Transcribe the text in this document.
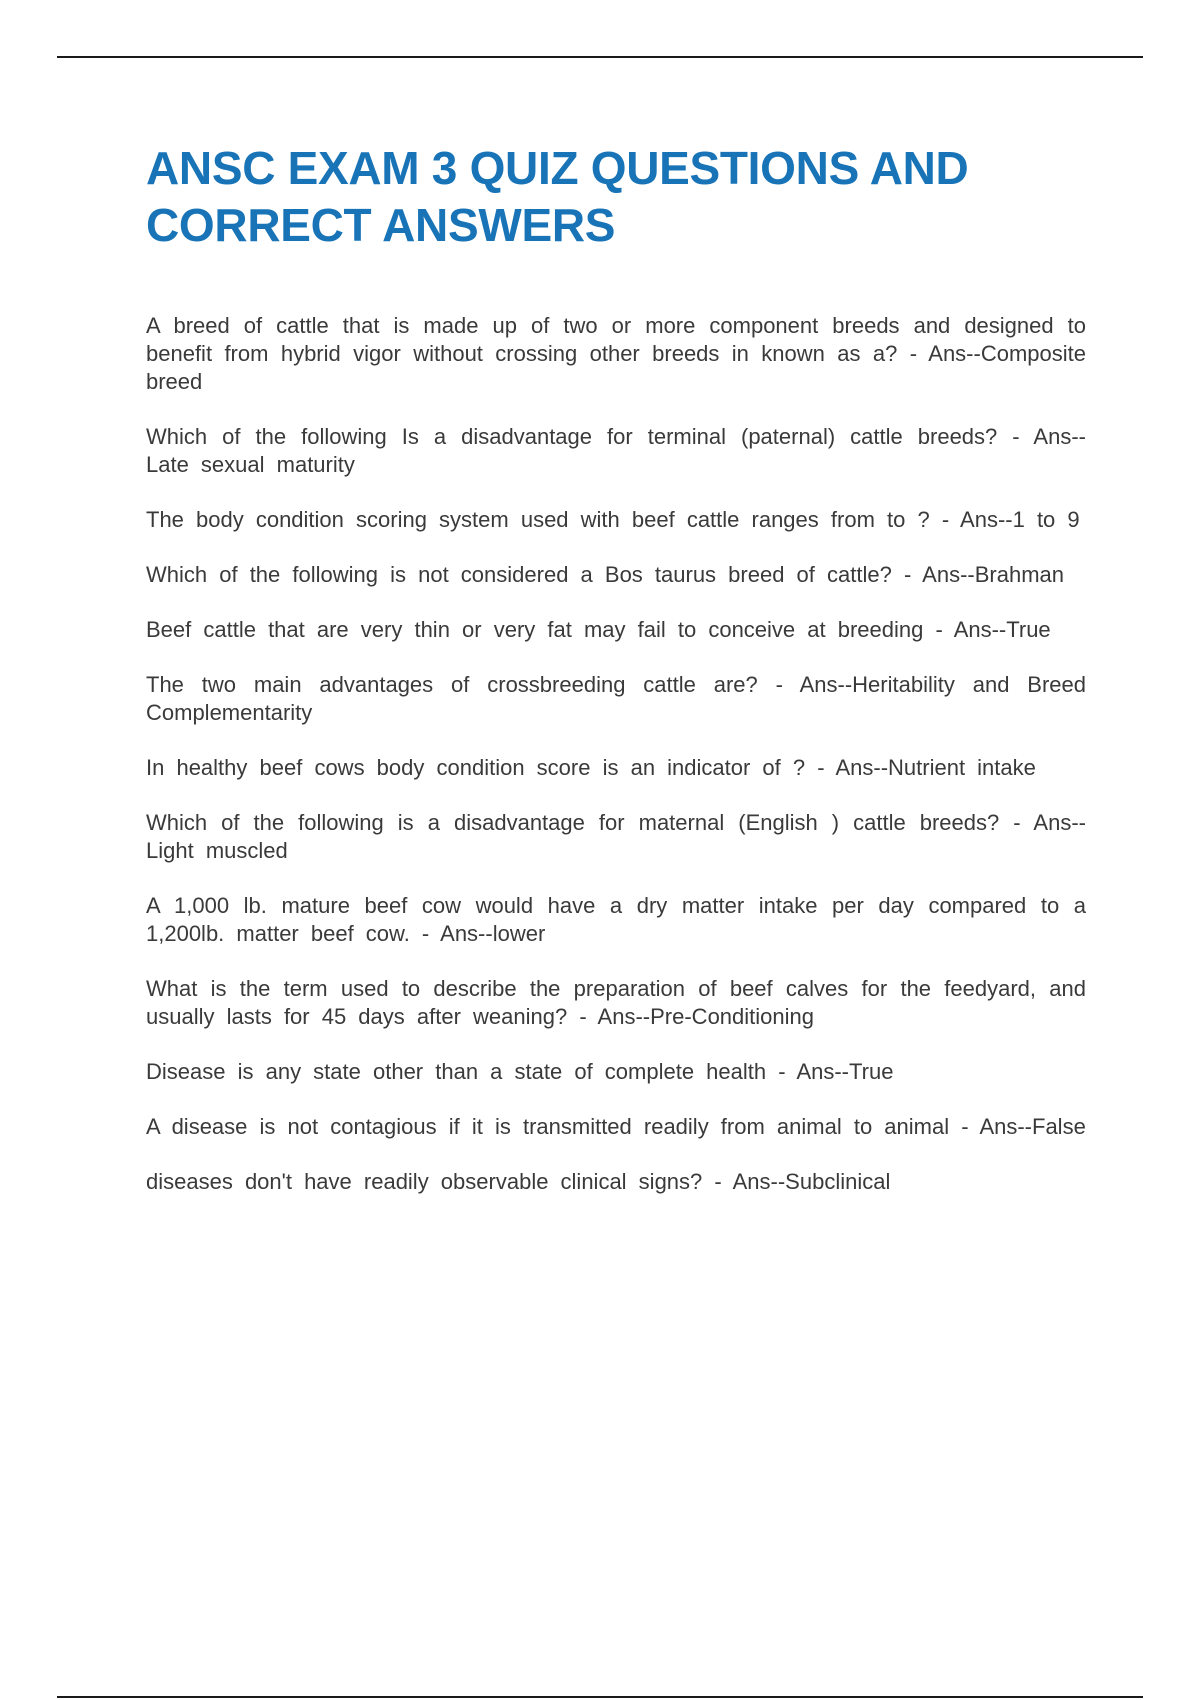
ANSC EXAM 3 QUIZ QUESTIONS AND
CORRECT ANSWERS
A breed of cattle that is made up of two or more component breeds and designed to benefit from hybrid vigor without crossing other breeds in known as a? - Ans--Composite breed
Which of the following Is a disadvantage for terminal (paternal) cattle breeds? - Ans--Late sexual maturity
The body condition scoring system used with beef cattle ranges from to ? - Ans--1 to 9
Which of the following is not considered a Bos taurus breed of cattle? - Ans--Brahman
Beef cattle that are very thin or very fat may fail to conceive at breeding - Ans--True
The two main advantages of crossbreeding cattle are? - Ans--Heritability and Breed Complementarity
In healthy beef cows body condition score is an indicator of ? - Ans--Nutrient intake
Which of the following is a disadvantage for maternal (English ) cattle breeds? - Ans--Light muscled
A 1,000 lb. mature beef cow would have a dry matter intake per day compared to a 1,200lb. matter beef cow. - Ans--lower
What is the term used to describe the preparation of beef calves for the feedyard, and usually lasts for 45 days after weaning? - Ans--Pre-Conditioning
Disease is any state other than a state of complete health - Ans--True
A disease is not contagious if it is transmitted readily from animal to animal - Ans--False
diseases don't have readily observable clinical signs? - Ans--Subclinical
